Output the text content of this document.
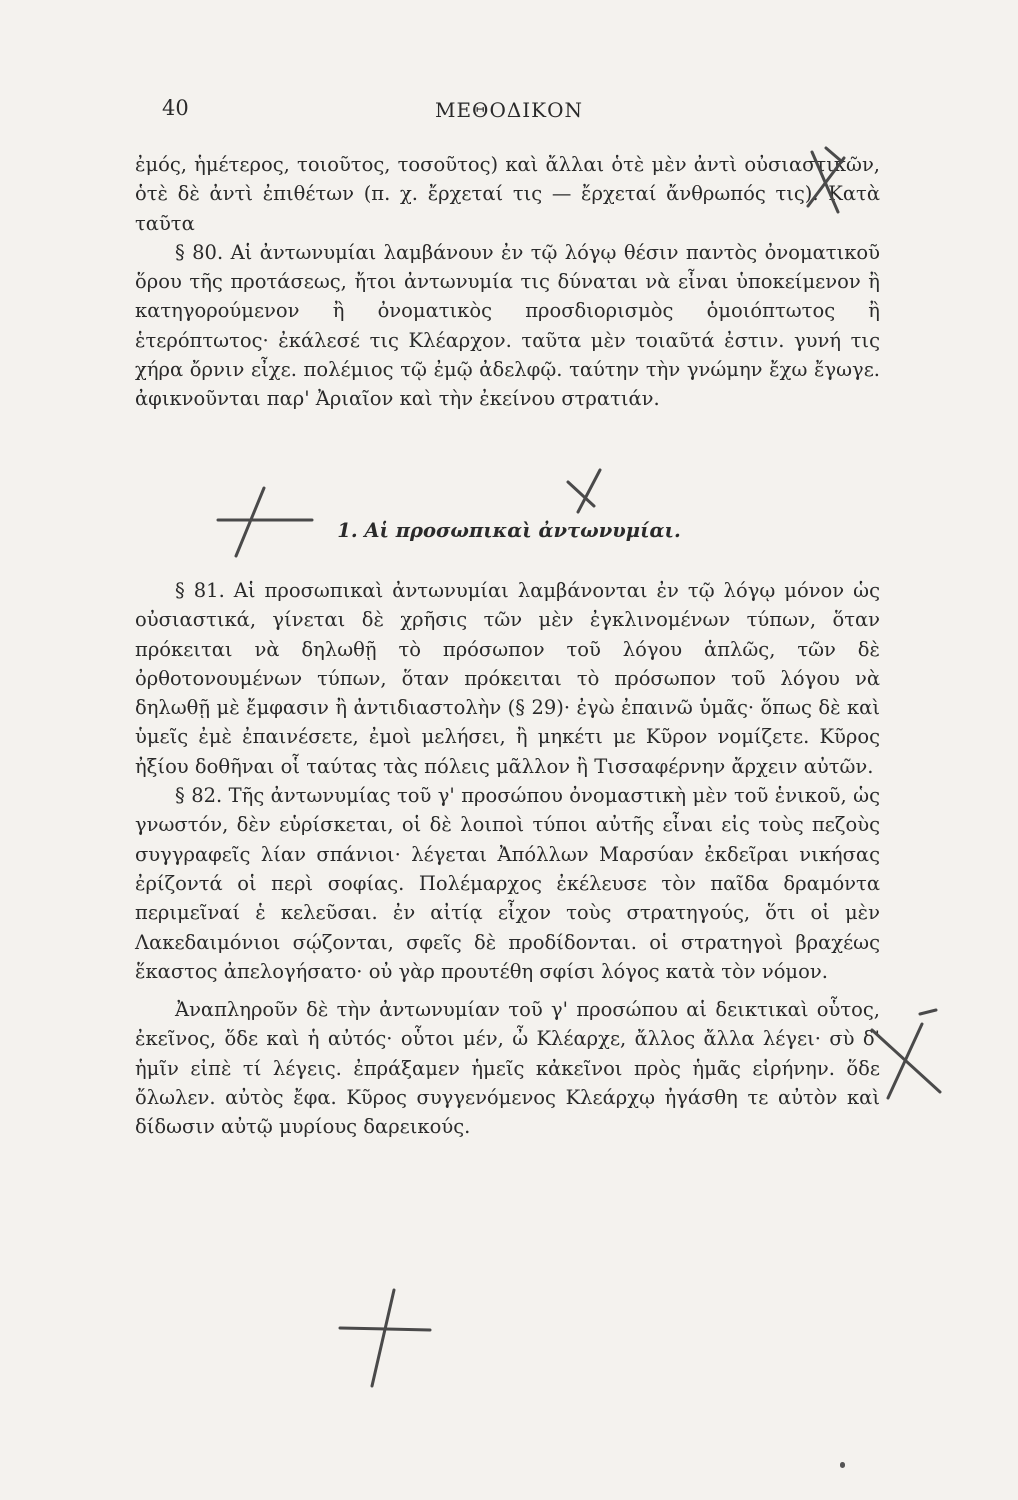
40	ΜΕΘΟΔΙΚΟΝ

ἐμός, ἡμέτερος, τοιοῦτος, τοσοῦτος) καὶ ἄλλαι ὁτὲ μὲν ἀντὶ οὐσιαστικῶν, ὁτὲ δὲ ἀντὶ ἐπιθέτων (π. χ. ἔρχεταί τις — ἔρχεταί ἄνθρωπός τις). Κατὰ ταῦτα

§ 80. Αἱ ἀντωνυμίαι λαμβάνουν ἐν τῷ λόγῳ θέσιν παντὸς ὀνοματικοῦ ὅρου τῆς προτάσεως, ἤτοι ἀντωνυμία τις δύναται νὰ εἶναι ὑποκείμενον ἢ κατηγορούμενον ἢ ὀνοματικὸς προσδιορισμὸς ὁμοιόπτωτος ἢ ἑτερόπτωτος· ἐκάλεσέ τις Κλέαρχον. ταῦτα μὲν τοιαῦτά ἐστιν. γυνή τις χήρα ὄρνιν εἶχε. πολέμιος τῷ ἐμῷ ἀδελφῷ. ταύτην τὴν γνώμην ἔχω ἔγωγε. ἀφικνοῦνται παρ' Ἀριαῖον καὶ τὴν ἐκείνου στρατιάν.

1. Αἱ προσωπικαὶ ἀντωνυμίαι.

§ 81. Αἱ προσωπικαὶ ἀντωνυμίαι λαμβάνονται ἐν τῷ λόγῳ μόνον ὡς οὐσιαστικά, γίνεται δὲ χρῆσις τῶν μὲν ἐγκλινομένων τύπων, ὅταν πρόκειται νὰ δηλωθῇ τὸ πρόσωπον τοῦ λόγου ἁπλῶς, τῶν δὲ ὀρθοτονουμένων τύπων, ὅταν πρόκειται τὸ πρόσωπον τοῦ λόγου νὰ δηλωθῇ μὲ ἔμφασιν ἢ ἀντιδιαστολὴν (§ 29)· ἐγὼ ἐπαινῶ ὑμᾶς· ὅπως δὲ καὶ ὑμεῖς ἐμὲ ἐπαινέσετε, ἐμοὶ μελήσει, ἢ μηκέτι με Κῦρον νομίζετε. Κῦρος ἠξίου δοθῆναι οἷ ταύτας τὰς πόλεις μᾶλλον ἢ Τισσαφέρνην ἄρχειν αὐτῶν.

§ 82. Τῆς ἀντωνυμίας τοῦ γ' προσώπου ὀνομαστικὴ μὲν τοῦ ἑνικοῦ, ὡς γνωστόν, δὲν εὑρίσκεται, οἱ δὲ λοιποὶ τύποι αὐτῆς εἶναι εἰς τοὺς πεζοὺς συγγραφεῖς λίαν σπάνιοι· λέγεται Ἀπόλλων Μαρσύαν ἐκδεῖραι νικήσας ἐρίζοντά οἱ περὶ σοφίας. Πολέμαρχος ἐκέλευσε τὸν παῖδα δραμόντα περιμεῖναί ἑ κελεῦσαι. ἐν αἰτίᾳ εἶχον τοὺς στρατηγούς, ὅτι οἱ μὲν Λακεδαιμόνιοι σῴζονται, σφεῖς δὲ προδίδονται. οἱ στρατηγοὶ βραχέως ἕκαστος ἀπελογήσατο· οὐ γὰρ προυτέθη σφίσι λόγος κατὰ τὸν νόμον.

Ἀναπληροῦν δὲ τὴν ἀντωνυμίαν τοῦ γ' προσώπου αἱ δεικτικαὶ οὗτος, ἐκεῖνος, ὅδε καὶ ἡ αὐτός· οὗτοι μέν, ὦ Κλέαρχε, ἄλλος ἄλλα λέγει· σὺ δ' ἡμῖν εἰπὲ τί λέγεις. ἐπράξαμεν ἡμεῖς κἀκεῖνοι πρὸς ἡμᾶς εἰρήνην. ὅδε ὄλωλεν. αὐτὸς ἔφα. Κῦρος συγγενόμενος Κλεάρχῳ ἠγάσθη τε αὐτὸν καὶ δίδωσιν αὐτῷ μυρίους δαρεικούς.
